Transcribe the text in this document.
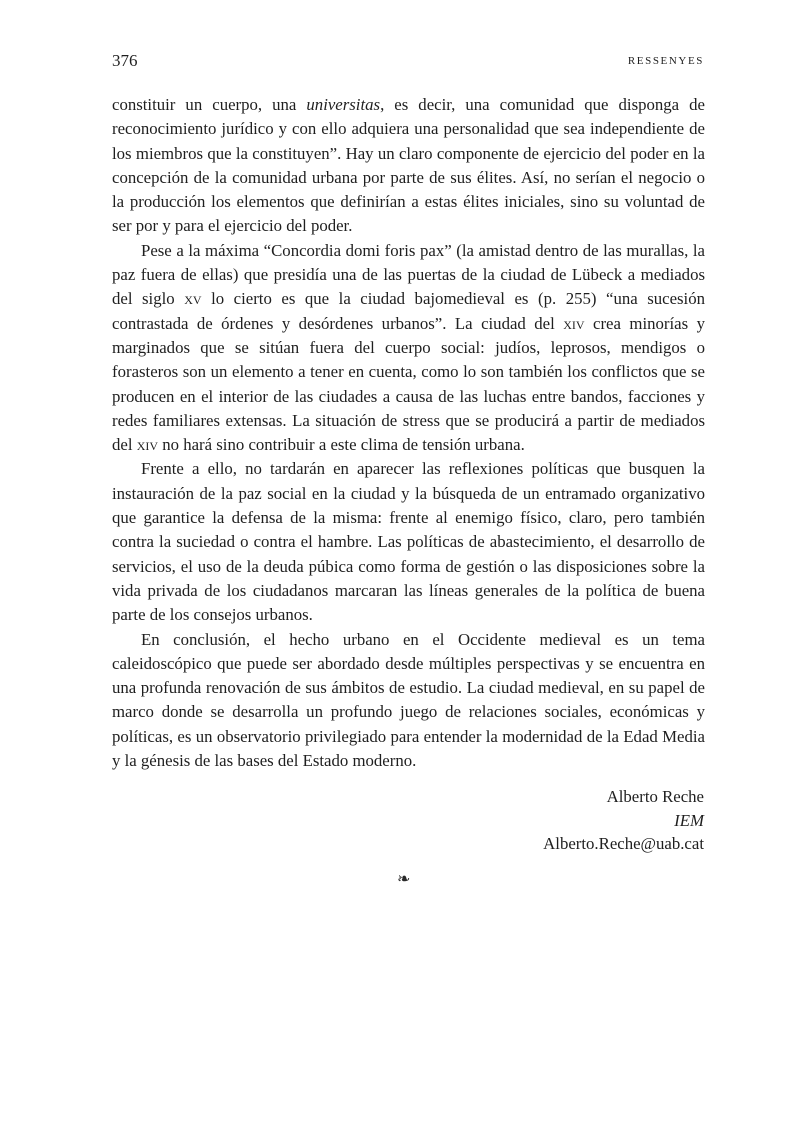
376	RESSENYES

constituir un cuerpo, una universitas, es decir, una comunidad que disponga de reconocimiento jurídico y con ello adquiera una personalidad que sea independiente de los miembros que la constituyen”. Hay un claro componente de ejercicio del poder en la concepción de la comunidad urbana por parte de sus élites. Así, no serían el negocio o la producción los elementos que definirían a estas élites iniciales, sino su voluntad de ser por y para el ejercicio del poder.

Pese a la máxima “Concordia domi foris pax” (la amistad dentro de las murallas, la paz fuera de ellas) que presidía una de las puertas de la ciudad de Lübeck a mediados del siglo xv lo cierto es que la ciudad bajomedieval es (p. 255) “una sucesión contrastada de órdenes y desórdenes urbanos”. La ciudad del xiv crea minorías y marginados que se sitúan fuera del cuerpo social: judíos, leprosos, mendigos o forasteros son un elemento a tener en cuenta, como lo son también los conflictos que se producen en el interior de las ciudades a causa de las luchas entre bandos, facciones y redes familiares extensas. La situación de stress que se producirá a partir de mediados del xiv no hará sino contribuir a este clima de tensión urbana.

Frente a ello, no tardarán en aparecer las reflexiones políticas que busquen la instauración de la paz social en la ciudad y la búsqueda de un entramado organizativo que garantice la defensa de la misma: frente al enemigo físico, claro, pero también contra la suciedad o contra el hambre. Las políticas de abastecimiento, el desarrollo de servicios, el uso de la deuda púbica como forma de gestión o las disposiciones sobre la vida privada de los ciudadanos marcaran las líneas generales de la política de buena parte de los consejos urbanos.

En conclusión, el hecho urbano en el Occidente medieval es un tema caleidoscópico que puede ser abordado desde múltiples perspectivas y se encuentra en una profunda renovación de sus ámbitos de estudio. La ciudad medieval, en su papel de marco donde se desarrolla un profundo juego de relaciones sociales, económicas y políticas, es un observatorio privilegiado para entender la modernidad de la Edad Media y la génesis de las bases del Estado moderno.

Alberto Reche
IEM
Alberto.Reche@uab.cat
❧
